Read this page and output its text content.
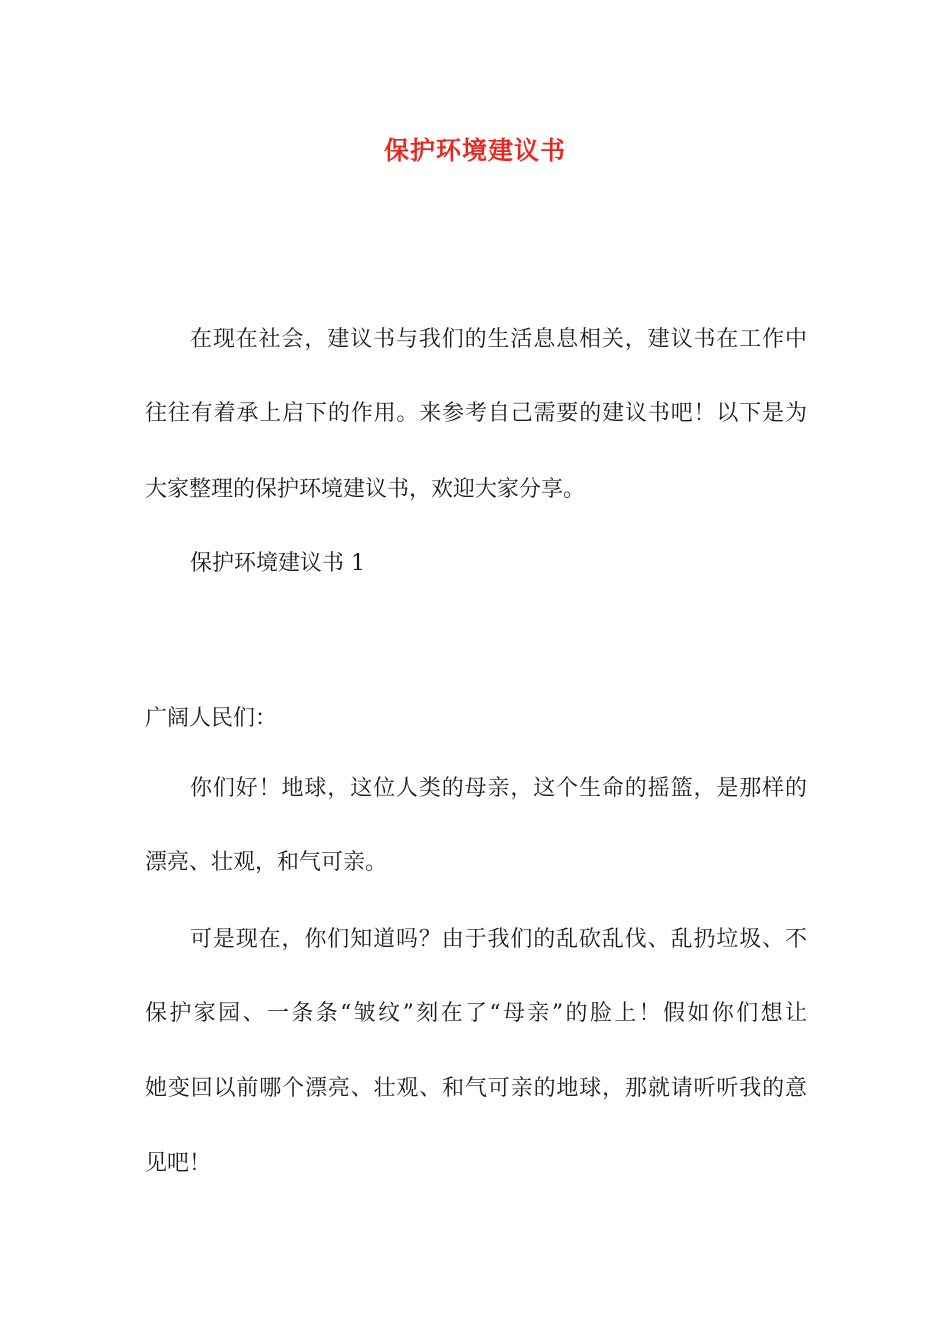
保护环境建议书
在现在社会，建议书与我们的生活息息相关，建议书在工作中
往往有着承上启下的作用。来参考自己需要的建议书吧！以下是为
大家整理的保护环境建议书，欢迎大家分享。
保护环境建议书 1
广阔人民们：
你们好！地球，这位人类的母亲，这个生命的摇篮，是那样的
漂亮、壮观，和气可亲。
可是现在，你们知道吗？由于我们的乱砍乱伐、乱扔垃圾、不
保护家园、一条条“皱纹”刻在了“母亲”的脸上！假如你们想让
她变回以前哪个漂亮、壮观、和气可亲的地球，那就请听听我的意
见吧！
